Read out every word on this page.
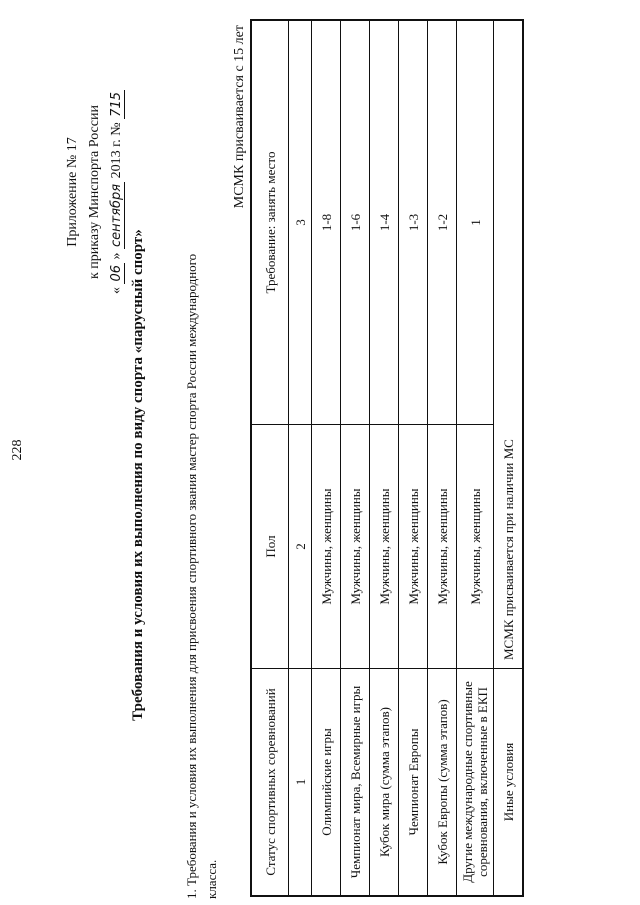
228
Приложение № 17 к приказу Минспорта России
« 06 » сентября 2013 г. № 715
Требования и условия их выполнения по виду спорта «парусный спорт»	1. Требования и условия их выполнения для присвоения спортивного звания мастер спорта России международного класса.
МСМК присваивается с 15 лет
Статус спортивных соревнований	Пол	Требование: занять место
1	2	3
Олимпийские игры	Мужчины, женщины	1-8
Чемпионат мира, Всемирные игры	Мужчины, женщины	1-6
Кубок мира (сумма этапов)	Мужчины, женщины	1-4
Чемпионат Европы	Мужчины, женщины	1-3
Кубок Европы (сумма этапов)	Мужчины, женщины	1-2
Другие международные спортивные соревнования, включенные в ЕКП	Мужчины, женщины	1
Иные условия	МСМК присваивается при наличии МС	
